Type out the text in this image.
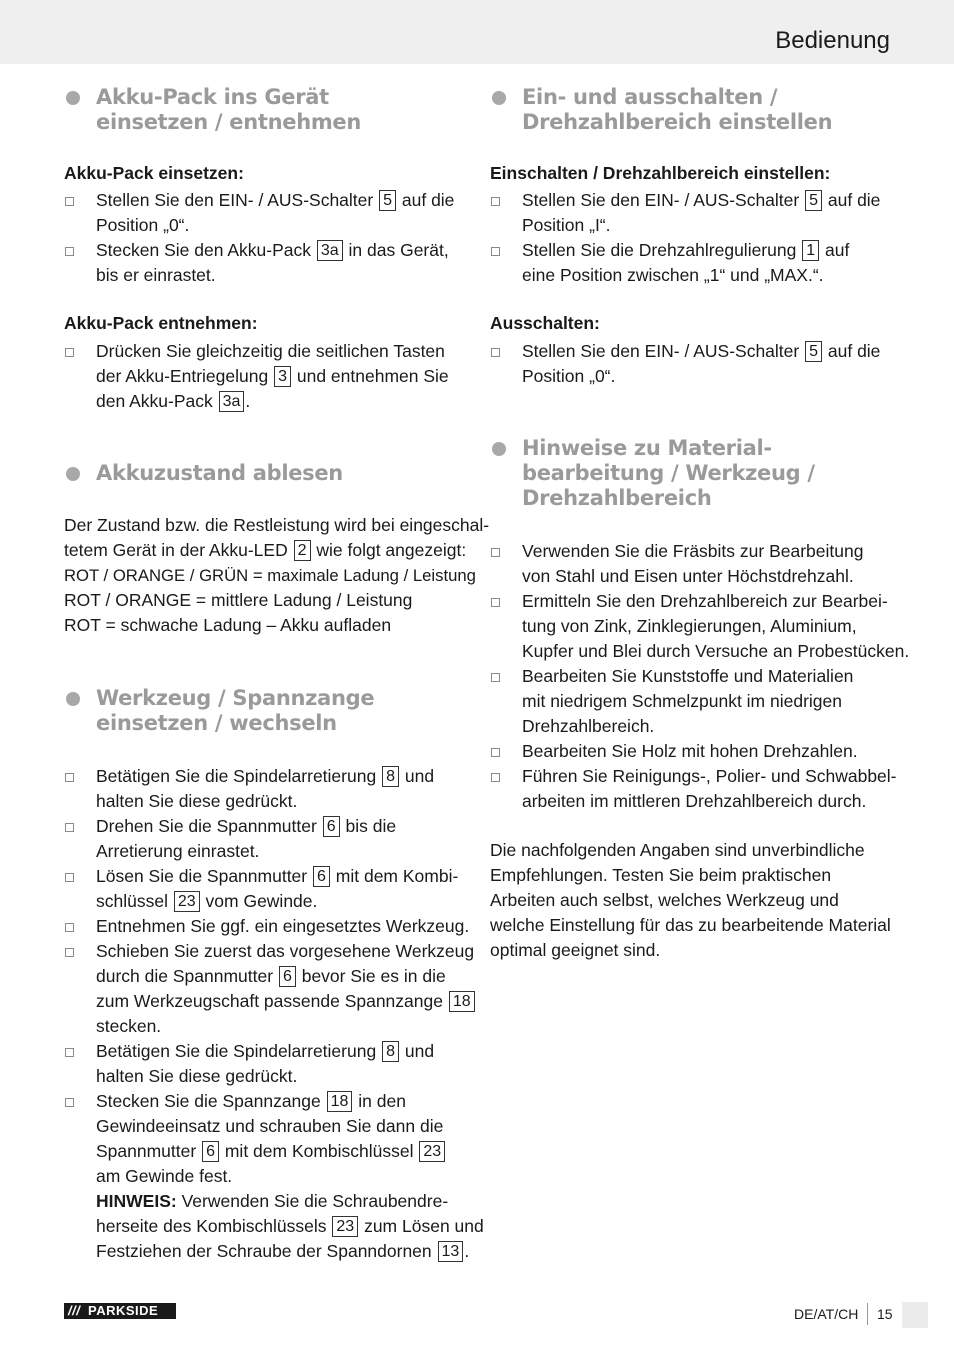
Bedienung
Akku-Pack ins Gerät
einsetzen / entnehmen
Akku-Pack einsetzen:
Akku-Pack entnehmen:
Akkuzustand ablesen
Der Zustand bzw. die Restleistung wird bei eingeschal-
tetem Gerät in der Akku-LED 2 wie folgt angezeigt:
ROT / ORANGE / GRÜN = maximale Ladung / Leistung
ROT / ORANGE = mittlere Ladung / Leistung
ROT = schwache Ladung – Akku aufladen
Werkzeug / Spannzange
einsetzen / wechseln
Ein- und ausschalten /
Drehzahlbereich einstellen
Einschalten / Drehzahlbereich einstellen:
Ausschalten:
Hinweise zu Material-
bearbeitung / Werkzeug /
Drehzahlbereich
Die nachfolgenden Angaben sind unverbindliche
Empfehlungen. Testen Sie beim praktischen
Arbeiten auch selbst, welches Werkzeug und
welche Einstellung für das zu bearbeitende Material
optimal geeignet sind.
Stellen Sie den EIN- / AUS-Schalter 5 auf die
Position „0“.
Stecken Sie den Akku-Pack 3a in das Gerät,
bis er einrastet.
Drücken Sie gleichzeitig die seitlichen Tasten
der Akku-Entriegelung 3 und entnehmen Sie
den Akku-Pack 3a .
Betätigen Sie die Spindelarretierung 8 und
halten Sie diese gedrückt.
Drehen Sie die Spannmutter 6 bis die
Arretierung einrastet.
Lösen Sie die Spannmutter 6 mit dem Kombi-
schlüssel 23 vom Gewinde.
Entnehmen Sie ggf. ein eingesetztes Werkzeug.
Schieben Sie zuerst das vorgesehene Werkzeug
durch die Spannmutter 6 bevor Sie es in die
zum Werkzeugschaft passende Spannzange 18
stecken.
Betätigen Sie die Spindelarretierung 8 und
halten Sie diese gedrückt.
Stecken Sie die Spannzange 18 in den
Gewindeeinsatz und schrauben Sie dann die
Spannmutter 6 mit dem Kombischlüssel 23
am Gewinde fest.
HINWEIS: Verwenden Sie die Schraubendre-
herseite des Kombischlüssels 23 zum Lösen und
Festziehen der Schraube der Spanndornen 13 .
Stellen Sie den EIN- / AUS-Schalter 5 auf die
Position „I“.
Stellen Sie die Drehzahlregulierung 1 auf
eine Position zwischen „1“ und „MAX.“.
Stellen Sie den EIN- / AUS-Schalter 5 auf die
Position „0“.
Verwenden Sie die Fräsbits zur Bearbeitung
von Stahl und Eisen unter Höchstdrehzahl.
Ermitteln Sie den Drehzahlbereich zur Bearbei-
tung von Zink, Zinklegierungen, Aluminium,
Kupfer und Blei durch Versuche an Probestücken.
Bearbeiten Sie Kunststoffe und Materialien
mit niedrigem Schmelzpunkt im niedrigen
Drehzahlbereich.
Bearbeiten Sie Holz mit hohen Drehzahlen.
Führen Sie Reinigungs-, Polier- und Schwabbel-
arbeiten im mittleren Drehzahlbereich durch.
/// PARKSIDE	DE/AT/CH 15
